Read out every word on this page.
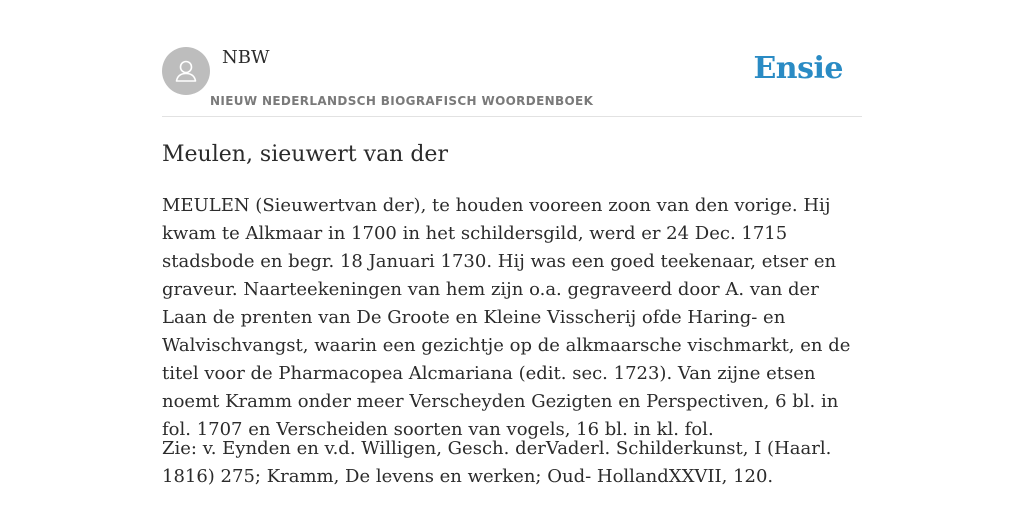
NBW
NIEUW NEDERLANDSCH BIOGRAFISCH WOORDENBOEK
Ensie
Meulen, sieuwert van der

MEULEN (Sieuwertvan der), te houden vooreen zoon van den vorige. Hij kwam te Alkmaar in 1700 in het schildersgild, werd er 24 Dec. 1715 stadsbode en begr. 18 Januari 1730. Hij was een goed teekenaar, etser en graveur. Naarteekeningen van hem zijn o.a. gegraveerd door A. van der Laan de prenten van De Groote en Kleine Visscherij ofde Haring- en Walvischvangst, waarin een gezichtje op de alkmaarsche vischmarkt, en de titel voor de Pharmacopea Alcmariana (edit. sec. 1723). Van zijne etsen noemt Kramm onder meer Verscheyden Gezigten en Perspectiven, 6 bl. in fol. 1707 en Verscheiden soorten van vogels, 16 bl. in kl. fol.

Zie: v. Eynden en v.d. Willigen, Gesch. derVaderl. Schilderkunst, I (Haarl. 1816) 275; Kramm, De levens en werken; Oud- HollandXXVII, 120.
